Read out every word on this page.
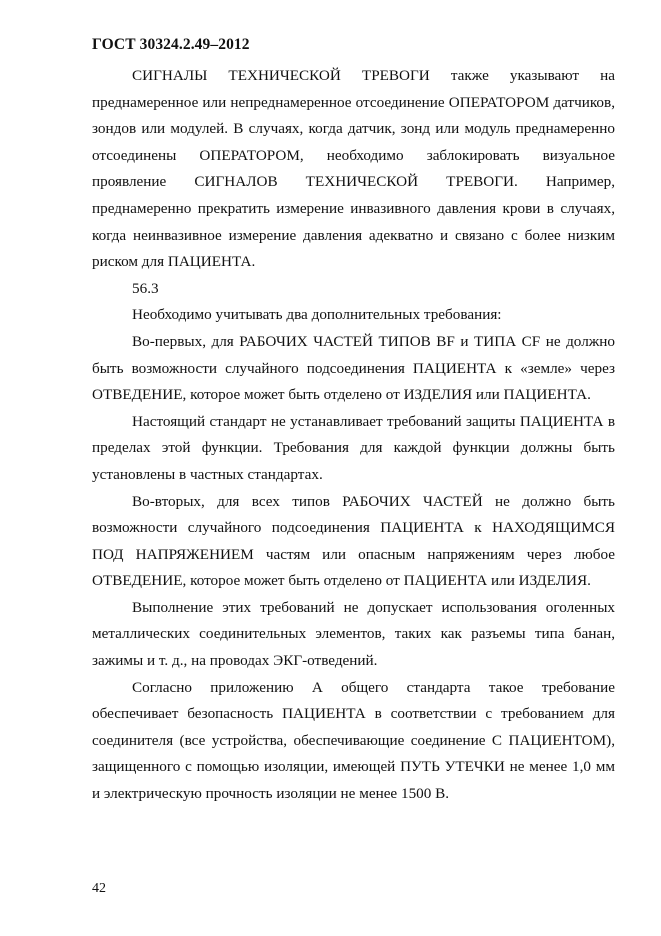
ГОСТ 30324.2.49–2012

СИГНАЛЫ ТЕХНИЧЕСКОЙ ТРЕВОГИ также указывают на преднамеренное или непреднамеренное отсоединение ОПЕРАТОРОМ датчиков, зондов или модулей. В случаях, когда датчик, зонд или модуль преднамеренно отсоединены ОПЕРАТОРОМ, необходимо заблокировать визуальное проявление СИГНАЛОВ ТЕХНИЧЕСКОЙ ТРЕВОГИ. Например, преднамеренно прекратить измерение инвазивного давления крови в случаях, когда неинвазивное измерение давления адекватно и связано с более низким риском для ПАЦИЕНТА.

56.3

Необходимо учитывать два дополнительных требования:

Во-первых, для РАБОЧИХ ЧАСТЕЙ ТИПОВ BF и ТИПА CF не должно быть возможности случайного подсоединения ПАЦИЕНТА к «земле» через ОТВЕДЕНИЕ, которое может быть отделено от ИЗДЕЛИЯ или ПАЦИЕНТА.

Настоящий стандарт не устанавливает требований защиты ПАЦИЕНТА в пределах этой функции. Требования для каждой функции должны быть установлены в частных стандартах.

Во-вторых, для всех типов РАБОЧИХ ЧАСТЕЙ не должно быть возможности случайного подсоединения ПАЦИЕНТА к НАХОДЯЩИМСЯ ПОД НАПРЯЖЕНИЕМ частям или опасным напряжениям через любое ОТВЕДЕНИЕ, которое может быть отделено от ПАЦИЕНТА или ИЗДЕЛИЯ.

Выполнение этих требований не допускает использования оголенных металлических соединительных элементов, таких как разъемы типа банан, зажимы и т. д., на проводах ЭКГ-отведений.

Согласно приложению А общего стандарта такое требование обеспечивает безопасность ПАЦИЕНТА в соответствии с требованием для соединителя (все устройства, обеспечивающие соединение С ПАЦИЕНТОМ), защищенного с помощью изоляции, имеющей ПУТЬ УТЕЧКИ не менее 1,0 мм и электрическую прочность изоляции не менее 1500 В.

42
